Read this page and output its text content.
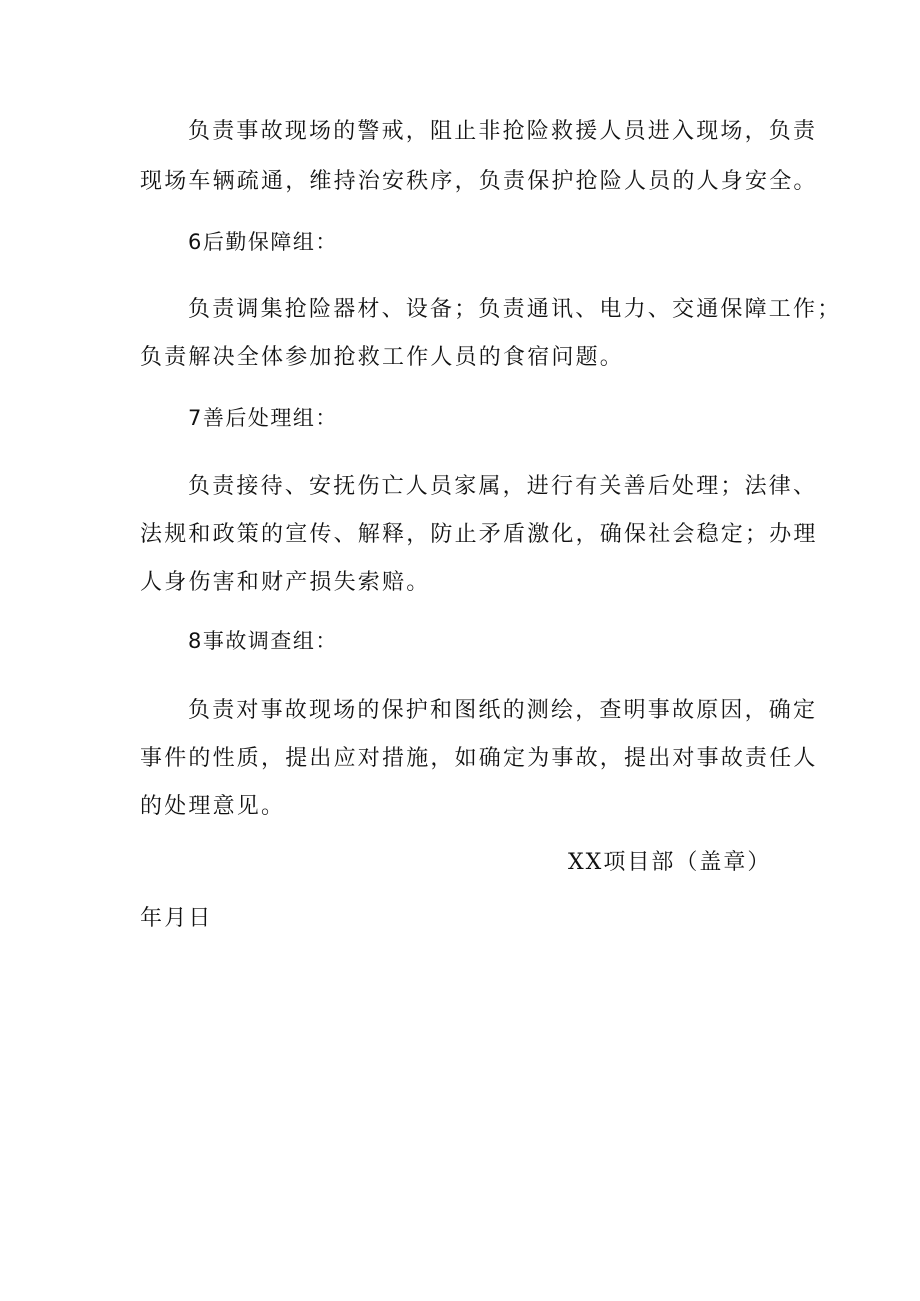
负责事故现场的警戒，阻止非抢险救援人员进入现场，负责
现场车辆疏通，维持治安秩序，负责保护抢险人员的人身安全。
6后勤保障组：
负责调集抢险器材、设备；负责通讯、电力、交通保障工作；
负责解决全体参加抢救工作人员的食宿问题。
7善后处理组：
负责接待、安抚伤亡人员家属，进行有关善后处理；法律、
法规和政策的宣传、解释，防止矛盾激化，确保社会稳定；办理
人身伤害和财产损失索赔。
8事故调查组：
负责对事故现场的保护和图纸的测绘，查明事故原因，确定
事件的性质，提出应对措施，如确定为事故，提出对事故责任人
的处理意见。
XX项目部（盖章）
年月日
